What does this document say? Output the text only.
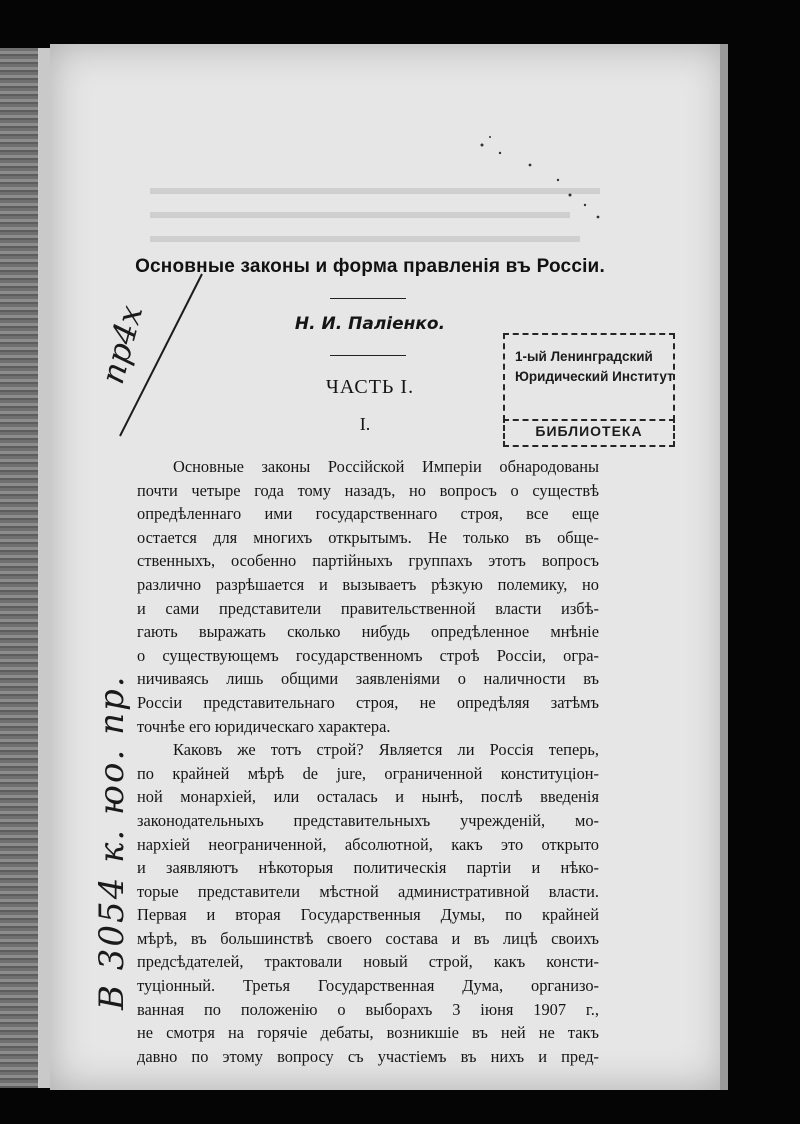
Основные законы и форма правленія въ Россіи.
Н. И. Паліенко.
ЧАСТЬ I.
I.
Основные законы Россійской Имперіи обнародованы
почти четыре года тому назадъ, но вопросъ о существѣ
опредѣленнаго ими государственнаго строя, все еще
остается для многихъ открытымъ. Не только въ обще-
ственныхъ, особенно партійныхъ группахъ этотъ вопросъ
различно разрѣшается и вызываетъ рѣзкую полемику, но
и сами представители правительственной власти избѣ-
гають выражать сколько нибудь опредѣленное мнѣніе
о существующемъ государственномъ строѣ Россіи, огра-
ничиваясь лишь общими заявленіями о наличности въ
Россіи представительнаго строя, не опредѣляя затѣмъ
точнѣе его юридическаго характера.
Каковъ же тотъ строй? Является ли Россія теперь,
по крайней мѣрѣ de jure, ограниченной конституціон-
ной монархіей, или осталась и нынѣ, послѣ введенія
законодательныхъ представительныхъ учрежденій, мо-
нархіей неограниченной, абсолютной, какъ это открыто
и заявляютъ нѣкоторыя политическія партіи и нѣко-
торые представители мѣстной административной власти.
Первая и вторая Государственныя Думы, по крайней
мѣрѣ, въ большинствѣ своего состава и въ лицѣ своихъ
предсѣдателей, трактовали новый строй, какъ консти-
туціонный. Третья Государственная Дума, организо-
ванная по положенію о выборахъ 3 іюня 1907 г.,
не смотря на горячіе дебаты, возникшіе въ ней не такъ
давно по этому вопросу съ участіемъ въ нихъ и пред-
1-ый Ленинградский
Юридический Институт
БИБЛИОТЕКА
пр4х
В 3054 к. юо. пр.
